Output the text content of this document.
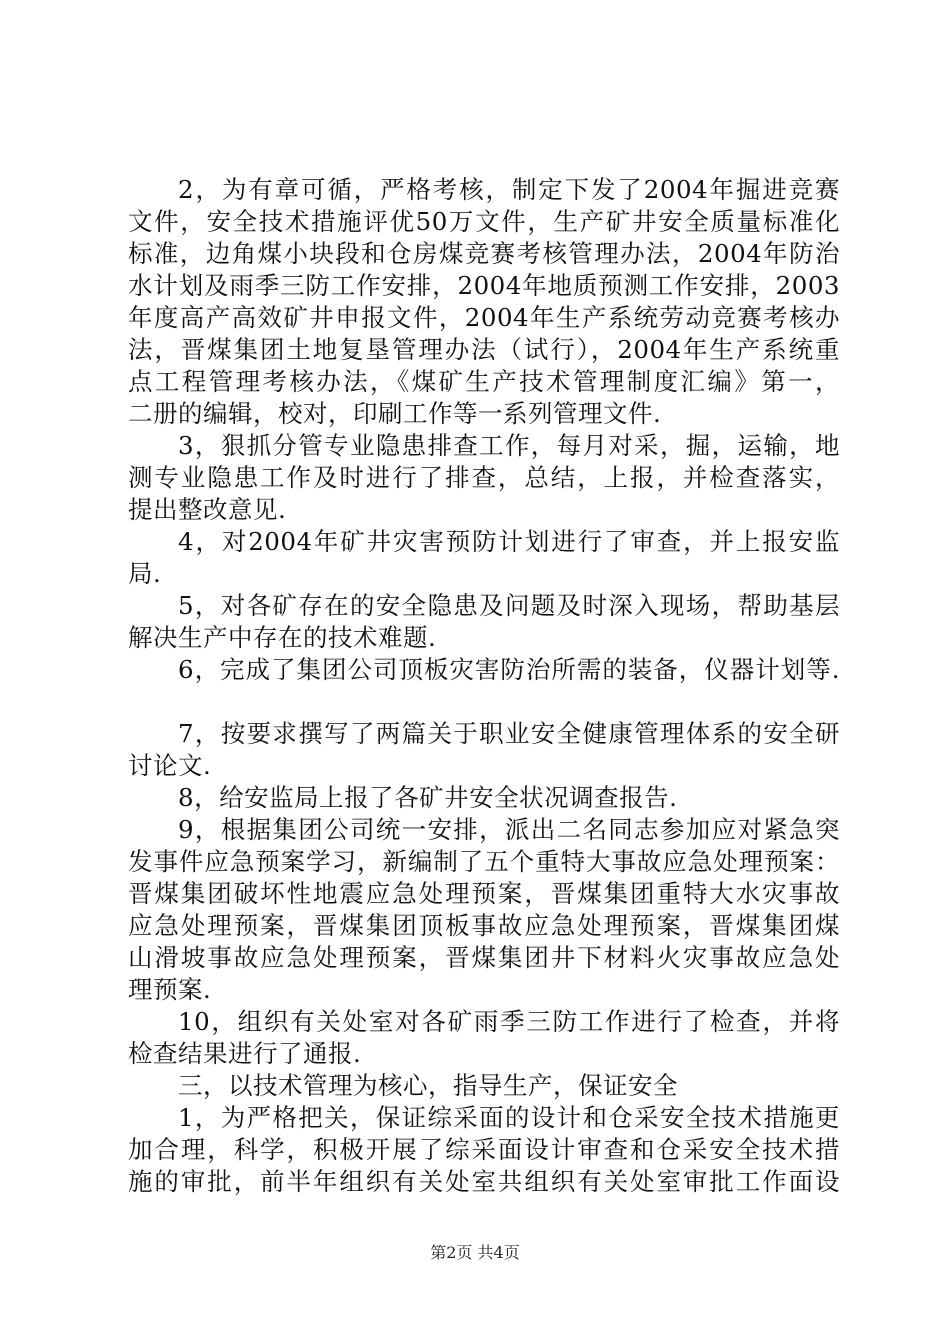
2，为有章可循，严格考核，制定下发了2004年掘进竞赛
文件，安全技术措施评优50万文件，生产矿井安全质量标准化
标准，边角煤小块段和仓房煤竞赛考核管理办法，2004年防治
水计划及雨季三防工作安排，2004年地质预测工作安排，2003
年度高产高效矿井申报文件，2004年生产系统劳动竞赛考核办
法，晋煤集团土地复垦管理办法（试行），2004年生产系统重
点工程管理考核办法，《煤矿生产技术管理制度汇编》第一，
二册的编辑，校对，印刷工作等一系列管理文件.
3，狠抓分管专业隐患排查工作，每月对采，掘，运输，地
测专业隐患工作及时进行了排查，总结，上报，并检查落实，
提出整改意见.
4，对2004年矿井灾害预防计划进行了审查，并上报安监
局.
5，对各矿存在的安全隐患及问题及时深入现场，帮助基层
解决生产中存在的技术难题.
6，完成了集团公司顶板灾害防治所需的装备，仪器计划等.
7，按要求撰写了两篇关于职业安全健康管理体系的安全研
讨论文.
8，给安监局上报了各矿井安全状况调查报告.
9，根据集团公司统一安排，派出二名同志参加应对紧急突
发事件应急预案学习，新编制了五个重特大事故应急处理预案：
晋煤集团破坏性地震应急处理预案，晋煤集团重特大水灾事故
应急处理预案，晋煤集团顶板事故应急处理预案，晋煤集团煤
山滑坡事故应急处理预案，晋煤集团井下材料火灾事故应急处
理预案.
10，组织有关处室对各矿雨季三防工作进行了检查，并将
检查结果进行了通报.
三，以技术管理为核心，指导生产，保证安全
1，为严格把关，保证综采面的设计和仓采安全技术措施更
加合理，科学，积极开展了综采面设计审查和仓采安全技术措
施的审批，前半年组织有关处室共组织有关处室审批工作面设
第2页 共4页
